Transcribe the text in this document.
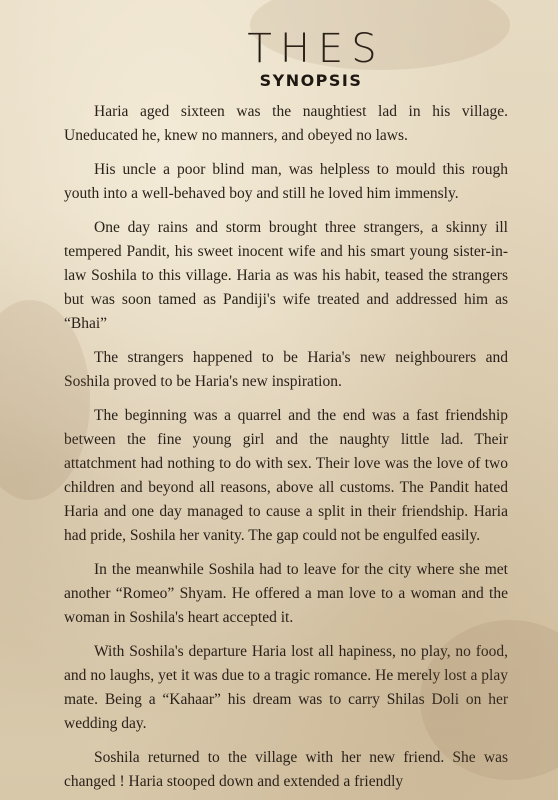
THES
SYNOPSIS

Haria aged sixteen was the naughtiest lad in his village. Uneducated he, knew no manners, and obeyed no laws.

His uncle a poor blind man, was helpless to mould this rough youth into a well-behaved boy and still he loved him immensly.

One day rains and storm brought three strangers, a skinny ill tempered Pandit, his sweet inocent wife and his smart young sister-in-law Soshila to this village. Haria as was his habit, teased the strangers but was soon tamed as Pandiji's wife treated and addressed him as “Bhai”

The strangers happened to be Haria's new neighbourers and Soshila proved to be Haria's new inspiration.

The beginning was a quarrel and the end was a fast friendship between the fine young girl and the naughty little lad. Their attatchment had nothing to do with sex. Their love was the love of two children and beyond all reasons, above all customs. The Pandit hated Haria and one day managed to cause a split in their friendship. Haria had pride, Soshila her vanity. The gap could not be engulfed easily.

In the meanwhile Soshila had to leave for the city where she met another “Romeo” Shyam. He offered a man love to a woman and the woman in Soshila's heart accepted it.

With Soshila's departure Haria lost all hapiness, no play, no food, and no laughs, yet it was due to a tragic romance. He merely lost a play mate. Being a “Kahaar” his dream was to carry Shilas Doli on her wedding day.

Soshila returned to the village with her new friend. She was changed ! Haria stooped down and extended a friendly
